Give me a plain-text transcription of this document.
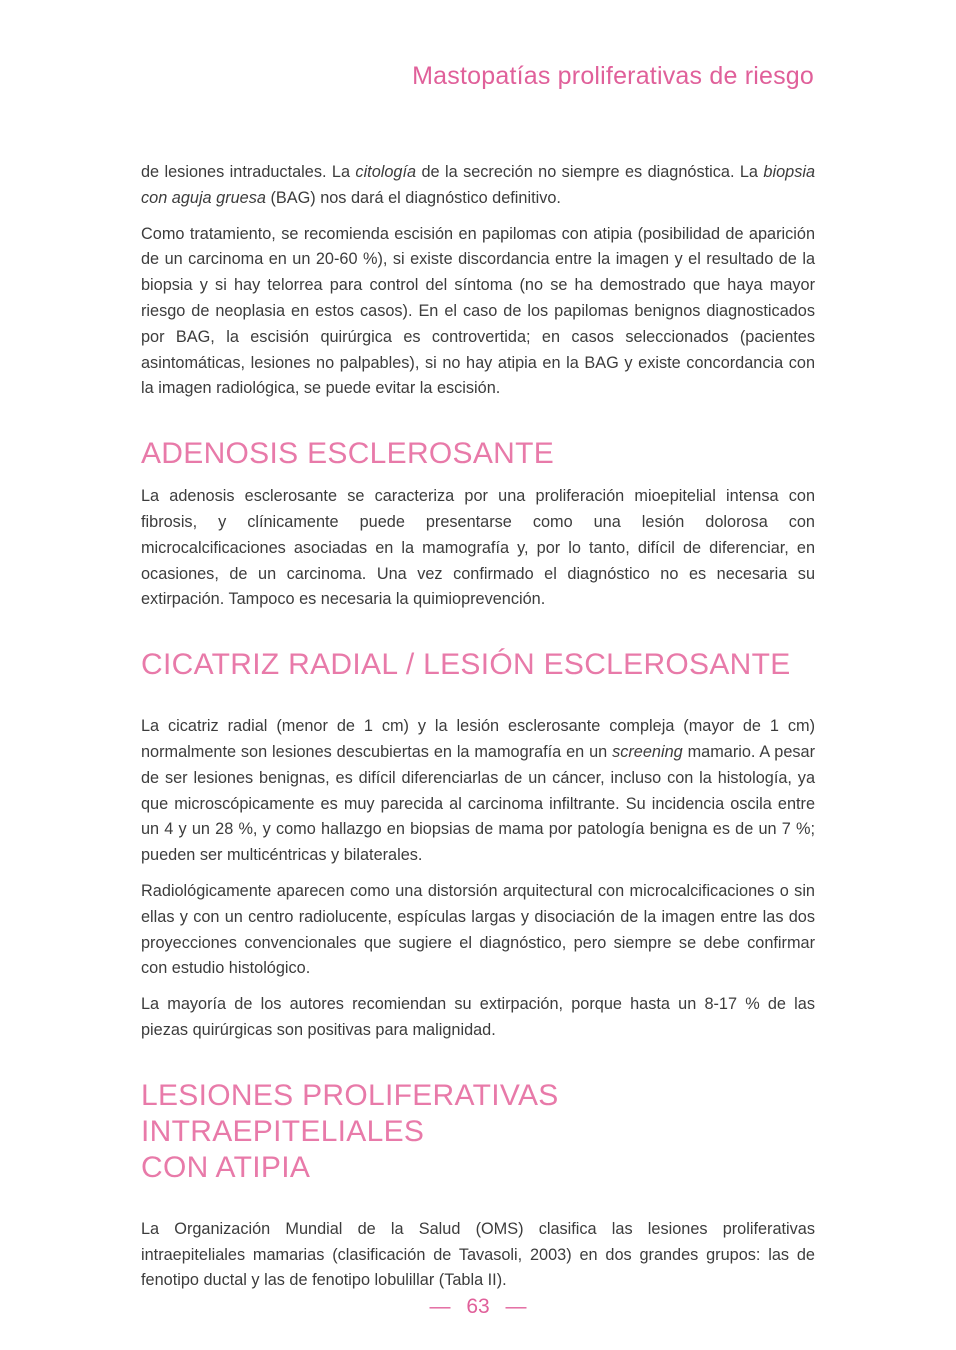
Mastopatías proliferativas de riesgo

de lesiones intraductales. La citología de la secreción no siempre es diagnóstica. La biopsia con aguja gruesa (BAG) nos dará el diagnóstico definitivo.

Como tratamiento, se recomienda escisión en papilomas con atipia (posibilidad de aparición de un carcinoma en un 20-60 %), si existe discordancia entre la imagen y el resultado de la biopsia y si hay telorrea para control del síntoma (no se ha demostrado que haya mayor riesgo de neoplasia en estos casos). En el caso de los papilomas benignos diagnosticados por BAG, la escisión quirúrgica es controvertida; en casos seleccionados (pacientes asintomáticas, lesiones no palpables), si no hay atipia en la BAG y existe concordancia con la imagen radiológica, se puede evitar la escisión.

ADENOSIS ESCLEROSANTE

La adenosis esclerosante se caracteriza por una proliferación mioepitelial intensa con fibrosis, y clínicamente puede presentarse como una lesión dolorosa con microcalcificaciones asociadas en la mamografía y, por lo tanto, difícil de diferenciar, en ocasiones, de un carcinoma. Una vez confirmado el diagnóstico no es necesaria su extirpación. Tampoco es necesaria la quimioprevención.

CICATRIZ RADIAL / LESIÓN ESCLEROSANTE

La cicatriz radial (menor de 1 cm) y la lesión esclerosante compleja (mayor de 1 cm) normalmente son lesiones descubiertas en la mamografía en un screening mamario. A pesar de ser lesiones benignas, es difícil diferenciarlas de un cáncer, incluso con la histología, ya que microscópicamente es muy parecida al carcinoma infiltrante. Su incidencia oscila entre un 4 y un 28 %, y como hallazgo en biopsias de mama por patología benigna es de un 7 %; pueden ser multicéntricas y bilaterales.

Radiológicamente aparecen como una distorsión arquitectural con microcalcificaciones o sin ellas y con un centro radiolucente, espículas largas y disociación de la imagen entre las dos proyecciones convencionales que sugiere el diagnóstico, pero siempre se debe confirmar con estudio histológico.

La mayoría de los autores recomiendan su extirpación, porque hasta un 8-17 % de las piezas quirúrgicas son positivas para malignidad.

LESIONES PROLIFERATIVAS INTRAEPITELIALES
CON ATIPIA

La Organización Mundial de la Salud (OMS) clasifica las lesiones proliferativas intraepiteliales mamarias (clasificación de Tavasoli, 2003) en dos grandes grupos: las de fenotipo ductal y las de fenotipo lobulillar (Tabla II).

— 63 —
